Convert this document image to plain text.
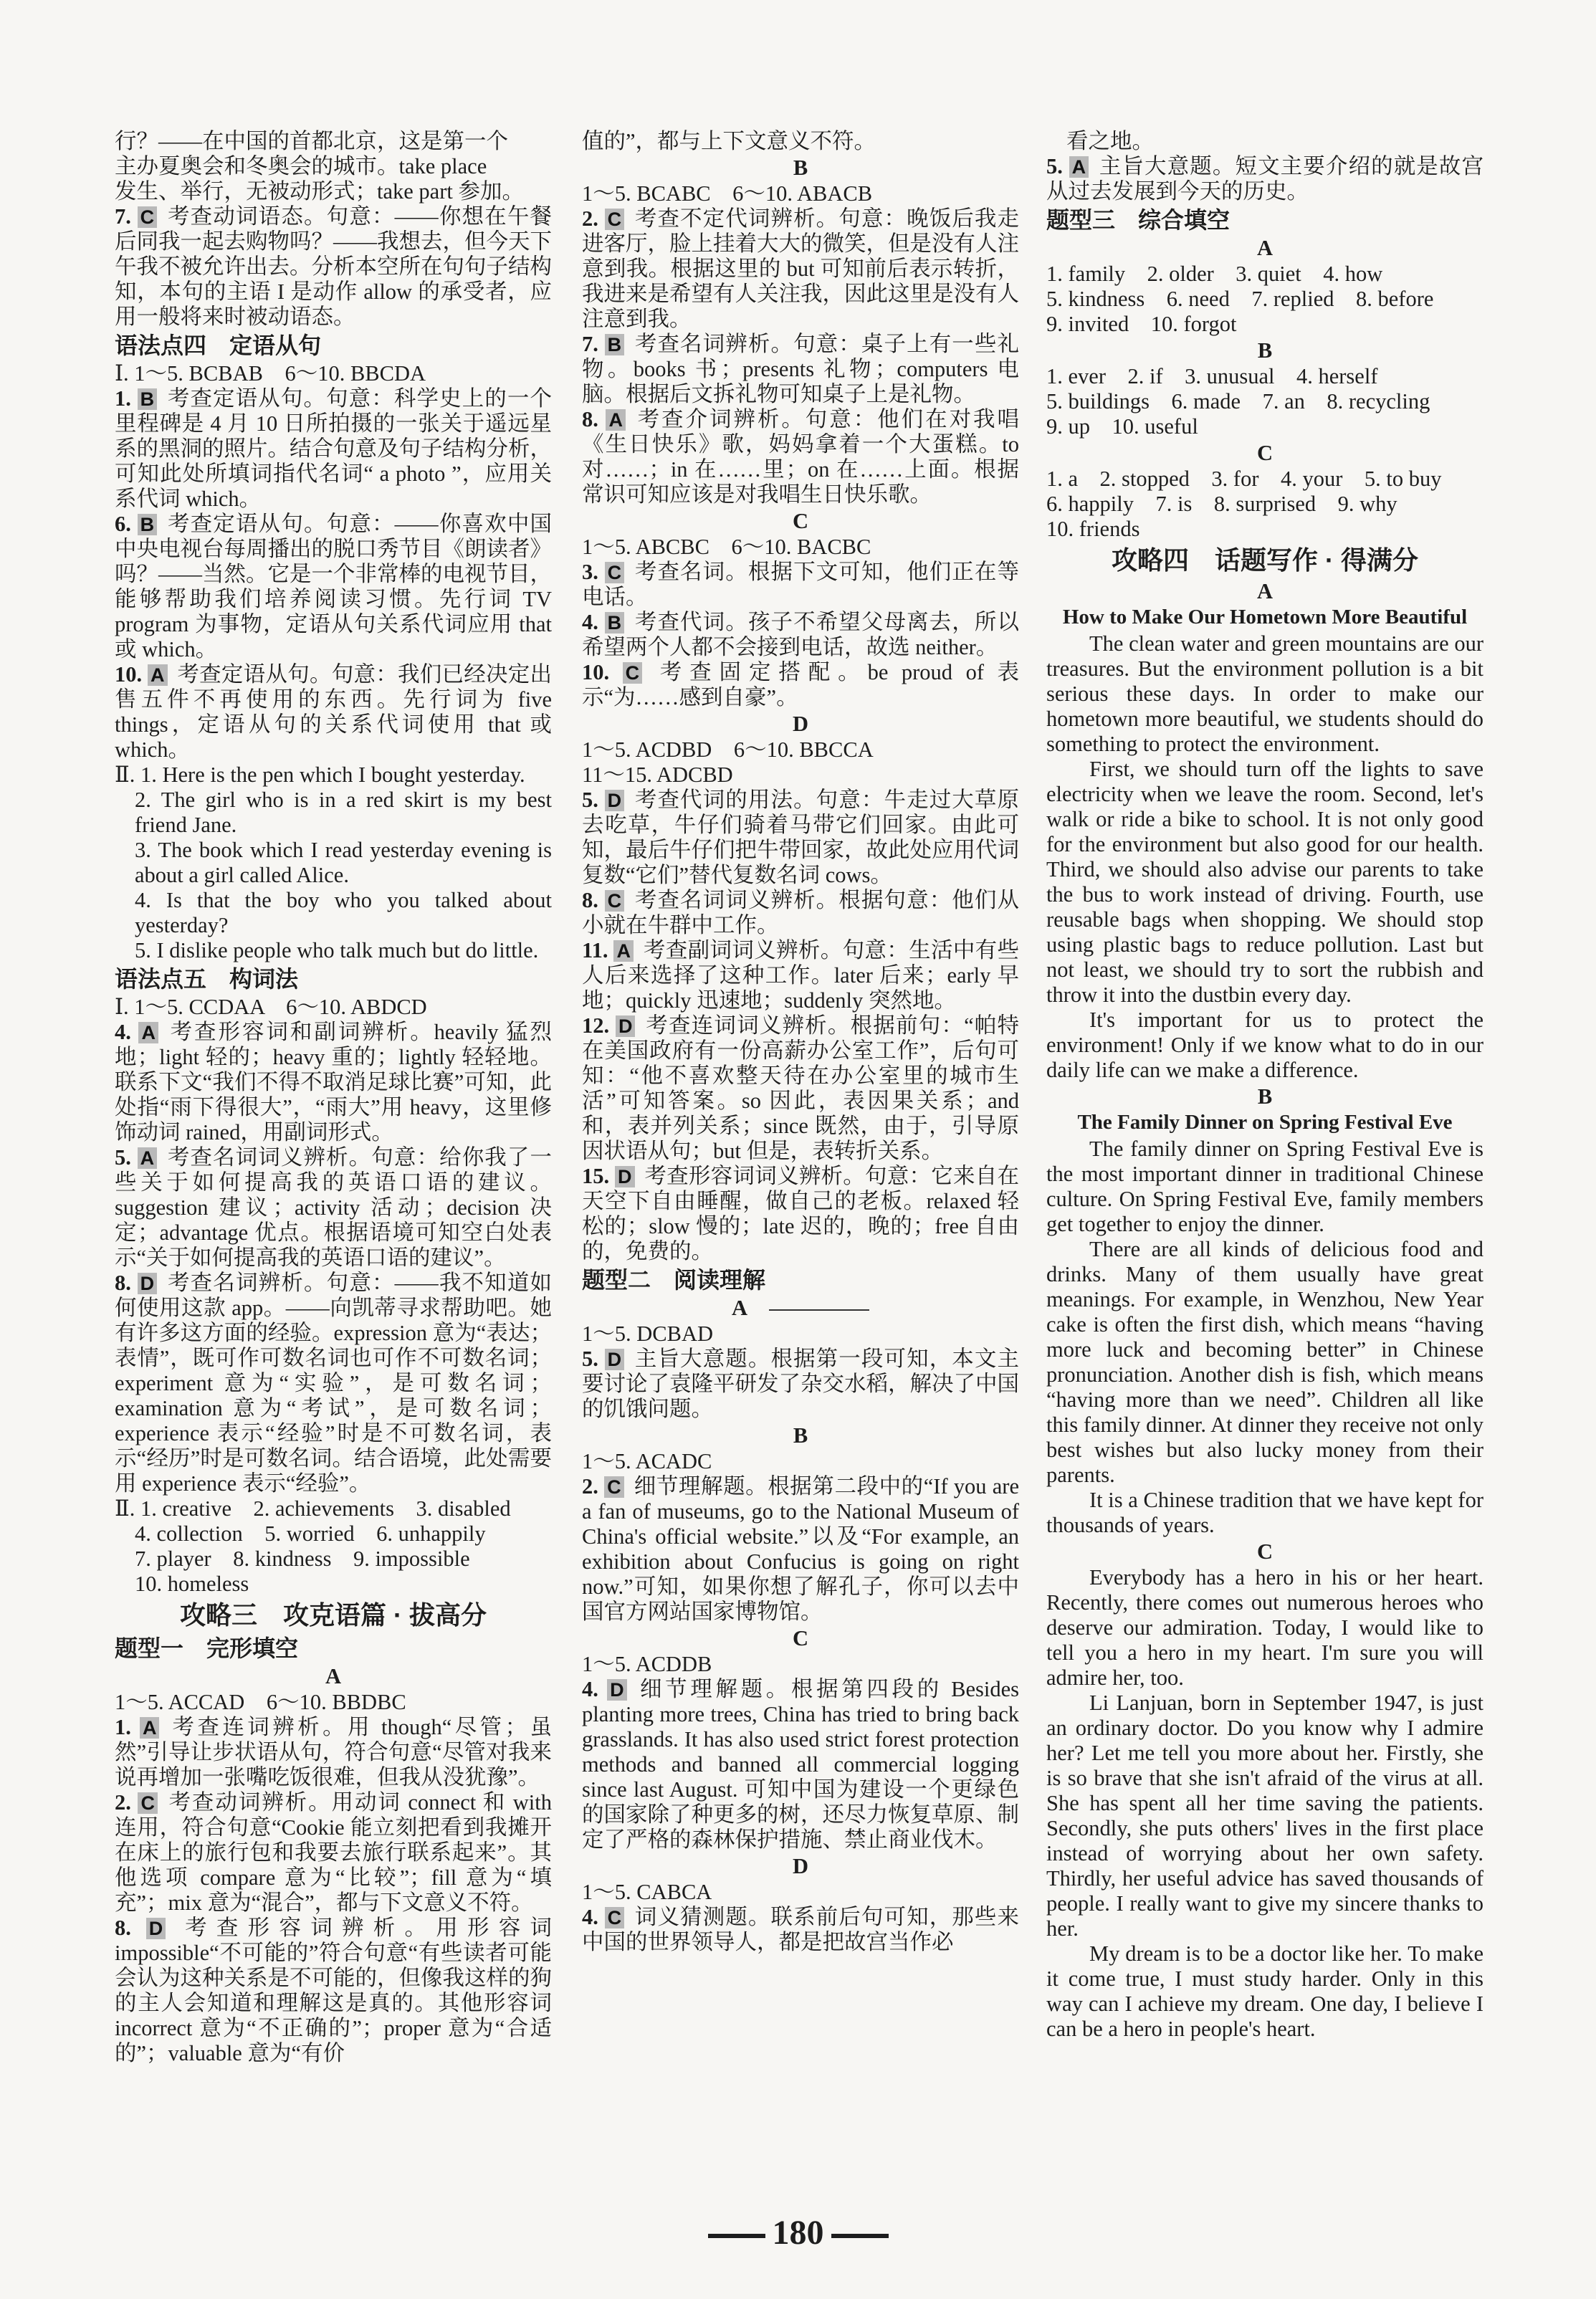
行？——在中国的首都北京，这是第一个

主办夏奥会和冬奥会的城市。take place

发生、举行，无被动形式；take part 参加。

7. C 考查动词语态。句意：——你想在午餐后同我一起去购物吗？——我想去，但今天下午我不被允许出去。分析本空所在句句子结构知，本句的主语 I 是动作 allow 的承受者，应用一般将来时被动语态。

语法点四　定语从句

Ⅰ. 1～5. BCBAB　6～10. BBCDA

1. B 考查定语从句。句意：科学史上的一个里程碑是 4 月 10 日所拍摄的一张关于遥远星系的黑洞的照片。结合句意及句子结构分析，可知此处所填词指代名词“ a photo ”，应用关系代词 which。

6. B 考查定语从句。句意：——你喜欢中国中央电视台每周播出的脱口秀节目《朗读者》吗？——当然。它是一个非常棒的电视节目，能够帮助我们培养阅读习惯。先行词 TV program 为事物，定语从句关系代词应用 that 或 which。

10. A 考查定语从句。句意：我们已经决定出售五件不再使用的东西。先行词为 five things，定语从句的关系代词使用 that 或 which。

Ⅱ. 1. Here is the pen which I bought yesterday.

2. The girl who is in a red skirt is my best friend Jane.

3. The book which I read yesterday evening is about a girl called Alice.

4. Is that the boy who you talked about yesterday?

5. I dislike people who talk much but do little.

语法点五　构词法

Ⅰ. 1～5. CCDAA　6～10. ABDCD

4. A 考查形容词和副词辨析。heavily 猛烈地；light 轻的；heavy 重的；lightly 轻轻地。联系下文“我们不得不取消足球比赛”可知，此处指“雨下得很大”，“雨大”用 heavy，这里修饰动词 rained，用副词形式。

5. A 考查名词词义辨析。句意：给你我了一些关于如何提高我的英语口语的建议。suggestion 建议；activity 活动；decision 决定；advantage 优点。根据语境可知空白处表示“关于如何提高我的英语口语的建议”。

8. D 考查名词辨析。句意：——我不知道如何使用这款 app。——向凯蒂寻求帮助吧。她有许多这方面的经验。expression 意为“表达；表情”，既可作可数名词也可作不可数名词；experiment 意为“实验”，是可数名词；examination 意为“考试”，是可数名词；experience 表示“经验”时是不可数名词，表示“经历”时是可数名词。结合语境，此处需要用 experience 表示“经验”。

Ⅱ. 1. creative　2. achievements　3. disabled

4. collection　5. worried　6. unhappily

7. player　8. kindness　9. impossible

10. homeless

攻略三　攻克语篇 · 拔高分
题型一　完形填空
A

1～5. ACCAD　6～10. BBDBC

1. A 考查连词辨析。用 though“尽管；虽然”引导让步状语从句，符合句意“尽管对我来说再增加一张嘴吃饭很难，但我从没犹豫”。

2. C 考查动词辨析。用动词 connect 和 with 连用，符合句意“Cookie 能立刻把看到我摊开在床上的旅行包和我要去旅行联系起来”。其他选项 compare 意为“比较”；fill 意为“填充”；mix 意为“混合”，都与下文意义不符。

8. D 考查形容词辨析。用形容词 impossible“不可能的”符合句意“有些读者可能会认为这种关系是不可能的，但像我这样的狗的主人会知道和理解这是真的。其他形容词 incorrect 意为“不正确的”；proper 意为“合适的”；valuable 意为“有价

值的”，都与上下文意义不符。

B

1～5. BCABC　6～10. ABACB

2. C 考查不定代词辨析。句意：晚饭后我走进客厅，脸上挂着大大的微笑，但是没有人注意到我。根据这里的 but 可知前后表示转折，我进来是希望有人关注我，因此这里是没有人注意到我。

7. B 考查名词辨析。句意：桌子上有一些礼物。books 书；presents 礼物；computers 电脑。根据后文拆礼物可知桌子上是礼物。

8. A 考查介词辨析。句意：他们在对我唱《生日快乐》歌，妈妈拿着一个大蛋糕。to 对……；in 在……里；on 在……上面。根据常识可知应该是对我唱生日快乐歌。

C

1～5. ABCBC　6～10. BACBC

3. C 考查名词。根据下文可知，他们正在等电话。

4. B 考查代词。孩子不希望父母离去，所以希望两个人都不会接到电话，故选 neither。

10. C 考查固定搭配。be proud of 表示“为……感到自豪”。

D

1～5. ACDBD　6～10. BBCCA

11～15. ADCBD

5. D 考查代词的用法。句意：牛走过大草原去吃草，牛仔们骑着马带它们回家。由此可知，最后牛仔们把牛带回家，故此处应用代词复数“它们”替代复数名词 cows。

8. C 考查名词词义辨析。根据句意：他们从小就在牛群中工作。

11. A 考查副词词义辨析。句意：生活中有些人后来选择了这种工作。later 后来；early 早地；quickly 迅速地；suddenly 突然地。

12. D 考查连词词义辨析。根据前句：“帕特在美国政府有一份高薪办公室工作”，后句可知：“他不喜欢整天待在办公室里的城市生活”可知答案。so 因此，表因果关系；and 和，表并列关系；since 既然，由于，引导原因状语从句；but 但是，表转折关系。

15. D 考查形容词词义辨析。句意：它来自在天空下自由睡醒，做自己的老板。relaxed 轻松的；slow 慢的；late 迟的，晚的；free 自由的，免费的。

题型二　阅读理解
A

1～5. DCBAD

5. D 主旨大意题。根据第一段可知，本文主要讨论了袁隆平研发了杂交水稻，解决了中国的饥饿问题。

B

1～5. ACADC

2. C 细节理解题。根据第二段中的“If you are a fan of museums, go to the National Museum of China's official website.”以及“For example, an exhibition about Confucius is going on right now.”可知，如果你想了解孔子，你可以去中国官方网站国家博物馆。

C

1～5. ACDDB

4. D 细节理解题。根据第四段的 Besides planting more trees, China has tried to bring back grasslands. It has also used strict forest protection methods and banned all commercial logging since last August. 可知中国为建设一个更绿色的国家除了种更多的树，还尽力恢复草原、制定了严格的森林保护措施、禁止商业伐木。

D

1～5. CABCA

4. C 词义猜测题。联系前后句可知，那些来中国的世界领导人，都是把故宫当作必

看之地。

5. A 主旨大意题。短文主要介绍的就是故宫从过去发展到今天的历史。

题型三　综合填空
A

1. family　2. older　3. quiet　4. how

5. kindness　6. need　7. replied　8. before

9. invited　10. forgot

B

1. ever　2. if　3. unusual　4. herself

5. buildings　6. made　7. an　8. recycling

9. up　10. useful

C

1. a　2. stopped　3. for　4. your　5. to buy

6. happily　7. is　8. surprised　9. why

10. friends

攻略四　话题写作 · 得满分
A
How to Make Our Hometown More Beautiful

The clean water and green mountains are our treasures. But the environment pollution is a bit serious these days. In order to make our hometown more beautiful, we students should do something to protect the environment.

First, we should turn off the lights to save electricity when we leave the room. Second, let's walk or ride a bike to school. It is not only good for the environment but also good for our health. Third, we should also advise our parents to take the bus to work instead of driving. Fourth, use reusable bags when shopping. We should stop using plastic bags to reduce pollution. Last but not least, we should try to sort the rubbish and throw it into the dustbin every day.

It's important for us to protect the environment! Only if we know what to do in our daily life can we make a difference.

B
The Family Dinner on Spring Festival Eve

The family dinner on Spring Festival Eve is the most important dinner in traditional Chinese culture. On Spring Festival Eve, family members get together to enjoy the dinner.

There are all kinds of delicious food and drinks. Many of them usually have great meanings. For example, in Wenzhou, New Year cake is often the first dish, which means “having more luck and becoming better” in Chinese pronunciation. Another dish is fish, which means “having more than we need”. Children all like this family dinner. At dinner they receive not only best wishes but also lucky money from their parents.

It is a Chinese tradition that we have kept for thousands of years.

C

Everybody has a hero in his or her heart. Recently, there comes out numerous heroes who deserve our admiration. Today, I would like to tell you a hero in my heart. I'm sure you will admire her, too.

Li Lanjuan, born in September 1947, is just an ordinary doctor. Do you know why I admire her? Let me tell you more about her. Firstly, she is so brave that she isn't afraid of the virus at all. She has spent all her time saving the patients. Secondly, she puts others' lives in the first place instead of worrying about her own safety. Thirdly, her useful advice has saved thousands of people. I really want to give my sincere thanks to her.

My dream is to be a doctor like her. To make it come true, I must study harder. Only in this way can I achieve my dream. One day, I believe I can be a hero in people's heart.

180
